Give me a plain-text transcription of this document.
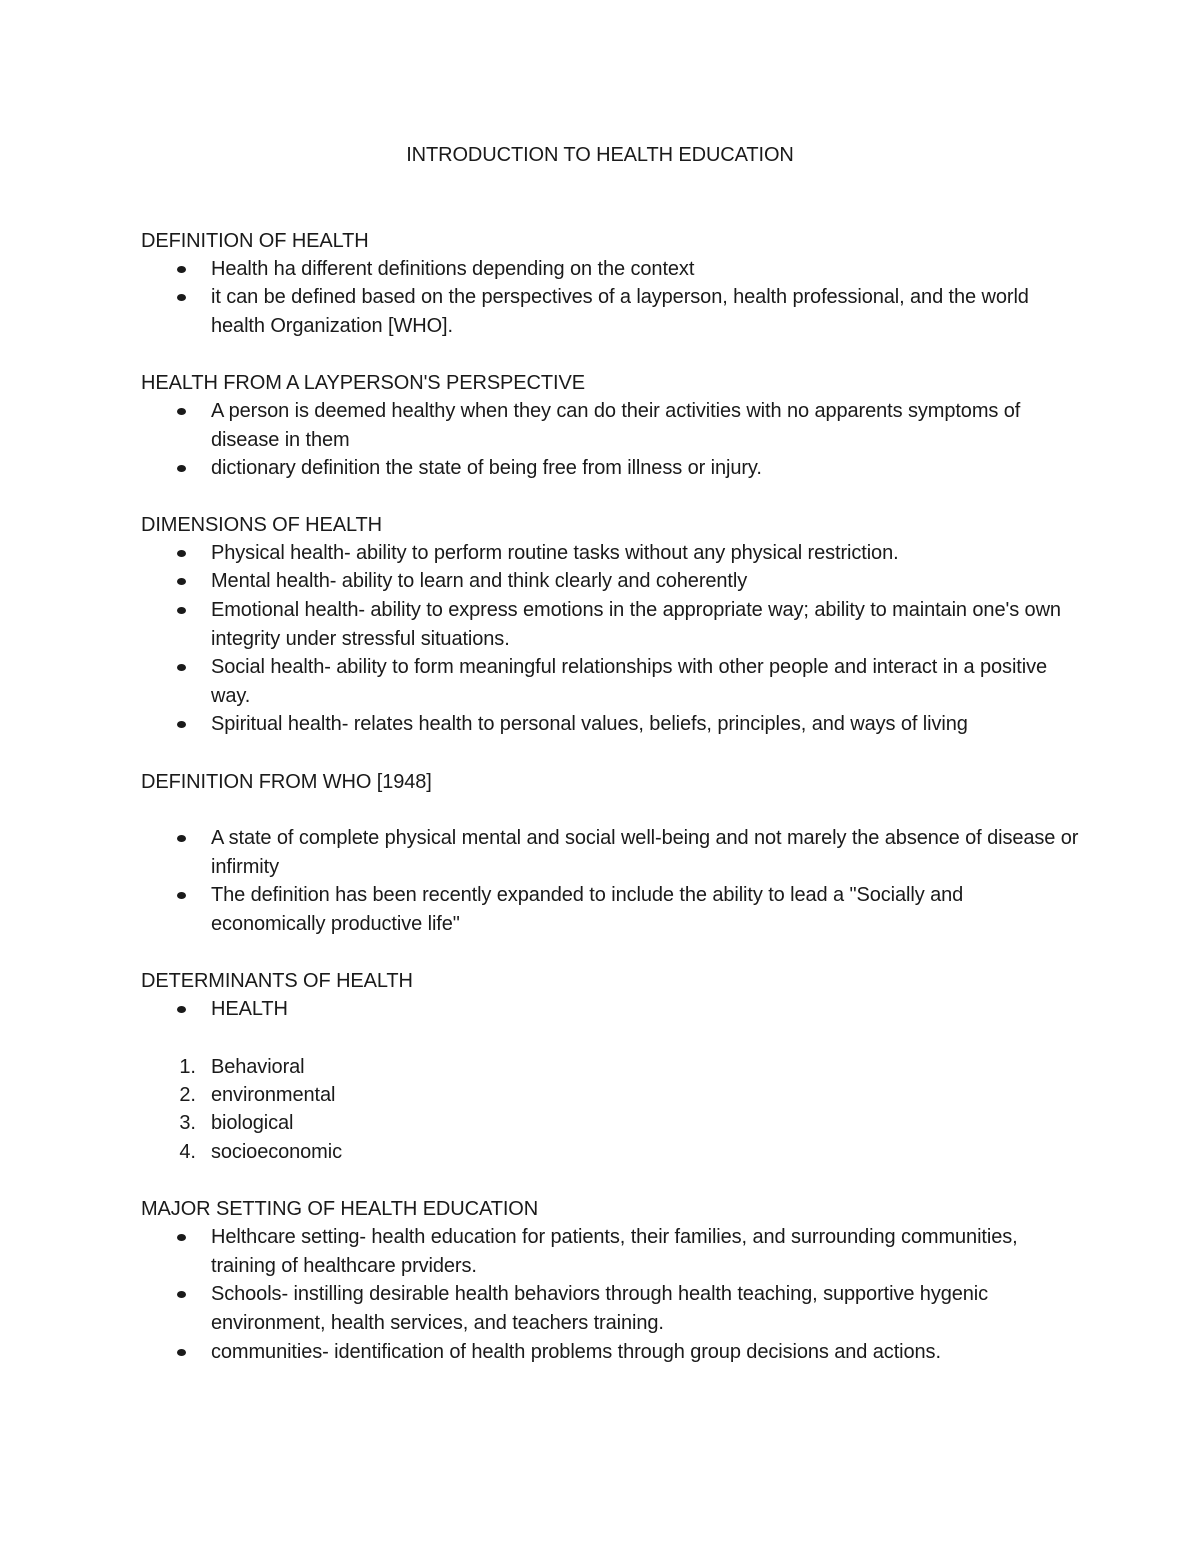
INTRODUCTION TO HEALTH EDUCATION
DEFINITION OF HEALTH
Health ha different definitions depending on the context
it can be defined based on the perspectives of a layperson, health professional, and the world health Organization [WHO].
HEALTH FROM A LAYPERSON'S PERSPECTIVE
A person is deemed healthy when they can do their activities with no apparents symptoms of disease in them
dictionary definition the state of being free from illness or injury.
DIMENSIONS OF HEALTH
Physical health- ability to perform routine tasks without any physical restriction.
Mental health- ability to learn and think clearly and coherently
Emotional health- ability to express emotions in the appropriate way; ability to maintain one's own integrity under stressful situations.
Social health- ability to form meaningful relationships with other people and interact in a positive way.
Spiritual health- relates health to personal values, beliefs, principles, and ways of living
DEFINITION FROM WHO [1948]
A state of complete physical mental and social well-being and not marely the absence of disease or infirmity
The definition has been recently expanded to include the ability to lead a "Socially and economically productive life"
DETERMINANTS OF HEALTH
HEALTH
1. Behavioral
2. environmental
3. biological
4. socioeconomic
MAJOR SETTING OF HEALTH EDUCATION
Helthcare setting- health education for patients, their families, and surrounding communities, training of healthcare prviders.
Schools- instilling desirable health behaviors through health teaching, supportive hygenic environment, health services, and teachers training.
communities- identification of health problems through group decisions and actions.
